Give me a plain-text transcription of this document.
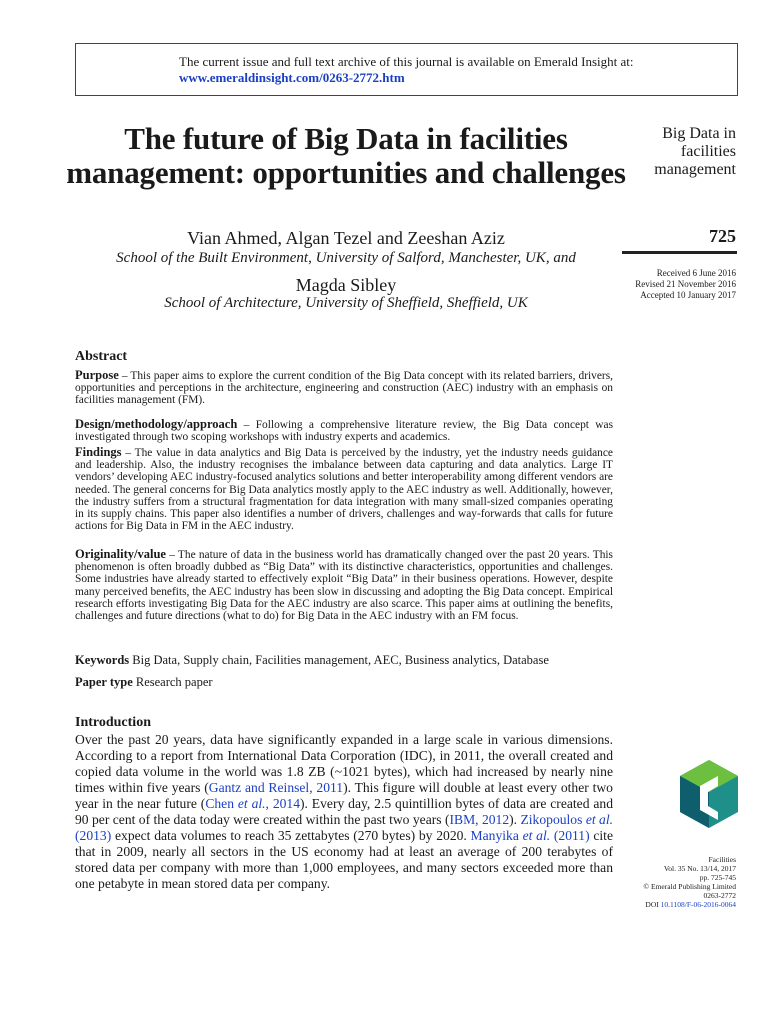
The current issue and full text archive of this journal is available on Emerald Insight at:
www.emeraldinsight.com/0263-2772.htm
The future of Big Data in facilities management: opportunities and challenges
Vian Ahmed, Algan Tezel and Zeeshan Aziz
School of the Built Environment, University of Salford, Manchester, UK, and
Magda Sibley
School of Architecture, University of Sheffield, Sheffield, UK
Big Data in facilities management
725
Received 6 June 2016
Revised 21 November 2016
Accepted 10 January 2017
Facilities
Vol. 35 No. 13/14, 2017
pp. 725-745
© Emerald Publishing Limited
0263-2772
DOI 10.1108/F-06-2016-0064
Abstract
Purpose – This paper aims to explore the current condition of the Big Data concept with its related barriers, drivers, opportunities and perceptions in the architecture, engineering and construction (AEC) industry with an emphasis on facilities management (FM).
Design/methodology/approach – Following a comprehensive literature review, the Big Data concept was investigated through two scoping workshops with industry experts and academics.
Findings – The value in data analytics and Big Data is perceived by the industry, yet the industry needs guidance and leadership. Also, the industry recognises the imbalance between data capturing and data analytics. Large IT vendors’ developing AEC industry-focused analytics solutions and better interoperability among different vendors are needed. The general concerns for Big Data analytics mostly apply to the AEC industry as well. Additionally, however, the industry suffers from a structural fragmentation for data integration with many small-sized companies operating in its supply chains. This paper also identifies a number of drivers, challenges and way-forwards that calls for future actions for Big Data in FM in the AEC industry.
Originality/value – The nature of data in the business world has dramatically changed over the past 20 years. This phenomenon is often broadly dubbed as “Big Data” with its distinctive characteristics, opportunities and challenges. Some industries have already started to effectively exploit “Big Data” in their business operations. However, despite many perceived benefits, the AEC industry has been slow in discussing and adopting the Big Data concept. Empirical research efforts investigating Big Data for the AEC industry are also scarce. This paper aims at outlining the benefits, challenges and future directions (what to do) for Big Data in the AEC industry with an FM focus.
Keywords Big Data, Supply chain, Facilities management, AEC, Business analytics, Database
Paper type Research paper
Introduction

Over the past 20 years, data have significantly expanded in a large scale in various dimensions. According to a report from International Data Corporation (IDC), in 2011, the overall created and copied data volume in the world was 1.8 ZB (~1021 bytes), which had increased by nearly nine times within five years (Gantz and Reinsel, 2011). This figure will double at least every other two year in the near future (Chen et al., 2014). Every day, 2.5 quintillion bytes of data are created and 90 per cent of the data today were created within the past two years (IBM, 2012). Zikopoulos et al. (2013) expect data volumes to reach 35 zettabytes (270 bytes) by 2020. Manyika et al. (2011) cite that in 2009, nearly all sectors in the US economy had at least an average of 200 terabytes of stored data per company with more than 1,000 employees, and many sectors exceeded more than one petabyte in mean stored data per company.
